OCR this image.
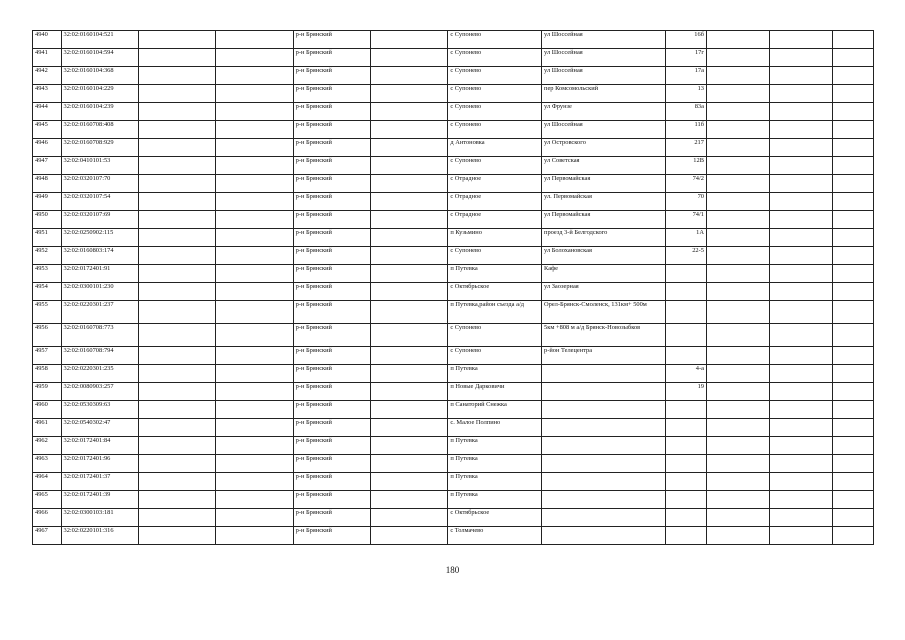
4940	32:02:0160104:521			р-н Брянский		с Супонево	ул Шоссейная	16б			
4941	32:02:0160104:594			р-н Брянский		с Супонево	ул Шоссейная	17г			
4942	32:02:0160104:368			р-н Брянский		с Супонево	ул Шоссейная	17а			
4943	32:02:0160104:229			р-н Брянский		с Супонево	пер Комсомольский	13			
4944	32:02:0160104:239			р-н Брянский		с Супонево	ул Фрунзе	83а			
4945	32:02:0160708:408			р-н Брянский		с Супонево	ул Шоссейная	11б			
4946	32:02:0160708:929			р-н Брянский		д Антоновка	ул Островского	217			
4947	32:02:0410101:53			р-н Брянский		с Супонево	ул Советская	12В			
4948	32:02:0320107:70			р-н Брянский		с Отрадное	ул Первомайская	74/2			
4949	32:02:0320107:54			р-н Брянский		с Отрадное	ул. Первомайская	70			
4950	32:02:0320107:69			р-н Брянский		с Отрадное	ул Первомайская	74/1			
4951	32:02:0250902:115			р-н Брянский		п Кузьмино	проезд 3-й Белгодского	1А			
4952	32:02:0160803:174			р-н Брянский		с Супонево	ул Болохановская	22-5			
4953	32:02:0172401:91			р-н Брянский		п Путевка	Кафе				
4954	32:02:0300101:230			р-н Брянский		с Октябрьское	ул Заозерная				
4955	32:02:0220301:237			р-н Брянский		п Путевка,район съезда а/д	Орел-Брянск-Смоленск, 131км+ 500м				
4956	32:02:0160708:773			р-н Брянский		с Супонево	5км +808 м а/д Брянск-Новозыбков				
4957	32:02:0160708:794			р-н Брянский		с Супонево	р-йон Телецентра				
4958	32:02:0220301:235			р-н Брянский		п Путевка		4-а			
4959	32:02:0080903:257			р-н Брянский		п Новые Дарковичи		19			
4960	32:02:0530309:63			р-н Брянский		п Санаторий Снежка					
4961	32:02:0540302:47			р-н Брянский		с. Малое Полпино					
4962	32:02:0172401:84			р-н Брянский		п Путевка					
4963	32:02:0172401:96			р-н Брянский		п Путевка					
4964	32:02:0172401:37			р-н Брянский		п Путевка					
4965	32:02:0172401:39			р-н Брянский		п Путевка					
4966	32:02:0300103:181			р-н Брянский		с Октябрьское					
4967	32:02:0220101:316			р-н Брянский		с Толмачево					
180
